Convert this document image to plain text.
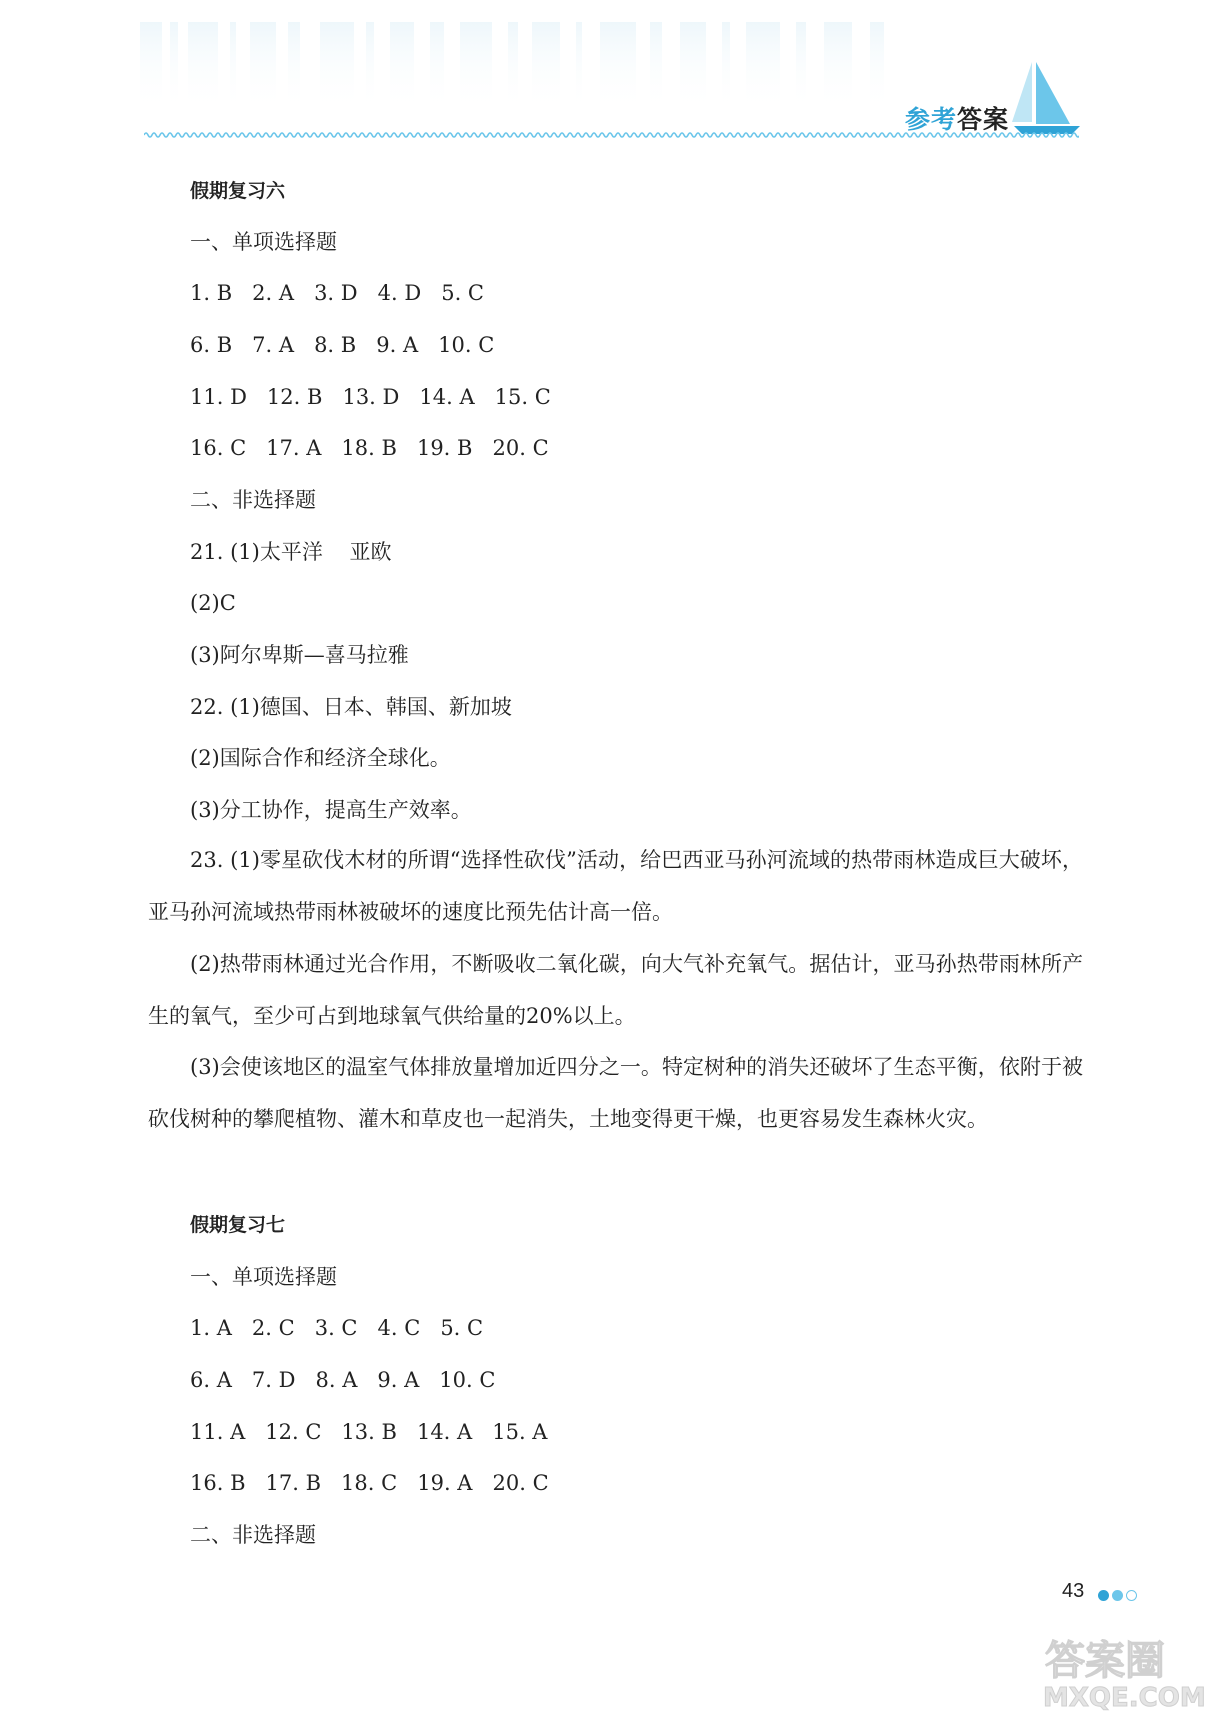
参考答案
假期复习六
一、单项选择题
1. B   2. A   3. D   4. D   5. C
6. B   7. A   8. B   9. A   10. C
11. D   12. B   13. D   14. A   15. C
16. C   17. A   18. B   19. B   20. C
二、非选择题
21. (1)太平洋    亚欧
(2)C
(3)阿尔卑斯—喜马拉雅
22. (1)德国、日本、韩国、新加坡
(2)国际合作和经济全球化。
(3)分工协作，提高生产效率。
23. (1)零星砍伐木材的所谓“选择性砍伐”活动，给巴西亚马孙河流域的热带雨林造成巨大破坏，亚马孙河流域热带雨林被破坏的速度比预先估计高一倍。
(2)热带雨林通过光合作用，不断吸收二氧化碳，向大气补充氧气。据估计，亚马孙热带雨林所产生的氧气，至少可占到地球氧气供给量的20%以上。
(3)会使该地区的温室气体排放量增加近四分之一。特定树种的消失还破坏了生态平衡，依附于被砍伐树种的攀爬植物、灌木和草皮也一起消失，土地变得更干燥，也更容易发生森林火灾。
假期复习七
一、单项选择题
1. A   2. C   3. C   4. C   5. C
6. A   7. D   8. A   9. A   10. C
11. A   12. C   13. B   14. A   15. A
16. B   17. B   18. C   19. A   20. C
二、非选择题
43
答案圈
MXQE.COM
